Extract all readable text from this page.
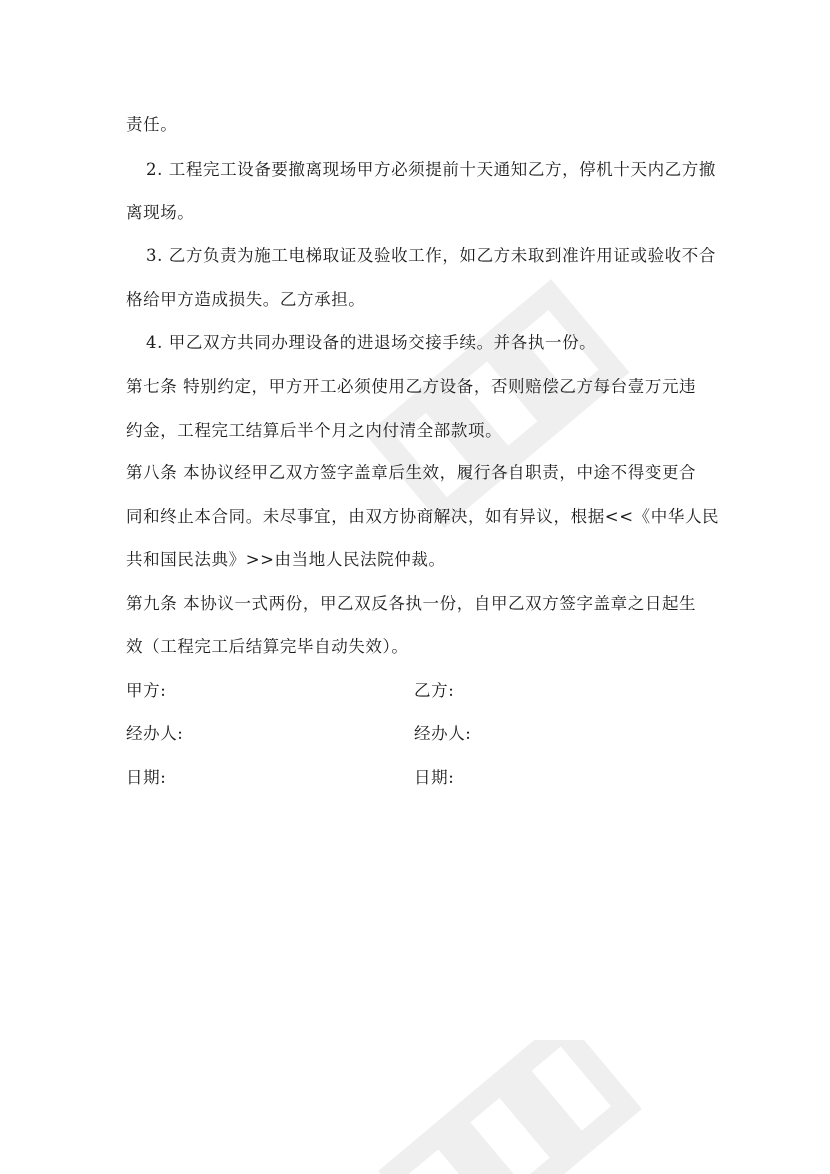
责任。
2. 工程完工设备要撤离现场甲方必须提前十天通知乙方，停机十天内乙方撤
离现场。
3. 乙方负责为施工电梯取证及验收工作，如乙方未取到准许用证或验收不合
格给甲方造成损失。乙方承担。
4. 甲乙双方共同办理设备的进退场交接手续。并各执一份。
第七条 特别约定，甲方开工必须使用乙方设备，否则赔偿乙方每台壹万元违
约金，工程完工结算后半个月之内付清全部款项。
第八条 本协议经甲乙双方签字盖章后生效，履行各自职责，中途不得变更合
同和终止本合同。未尽事宜，由双方协商解决，如有异议，根据<<《中华人民
共和国民法典》>>由当地人民法院仲裁。
第九条 本协议一式两份，甲乙双反各执一份，自甲乙双方签字盖章之日起生
效（工程完工后结算完毕自动失效）。
甲方:	乙方:
经办人:	经办人:
日期:	日期:
